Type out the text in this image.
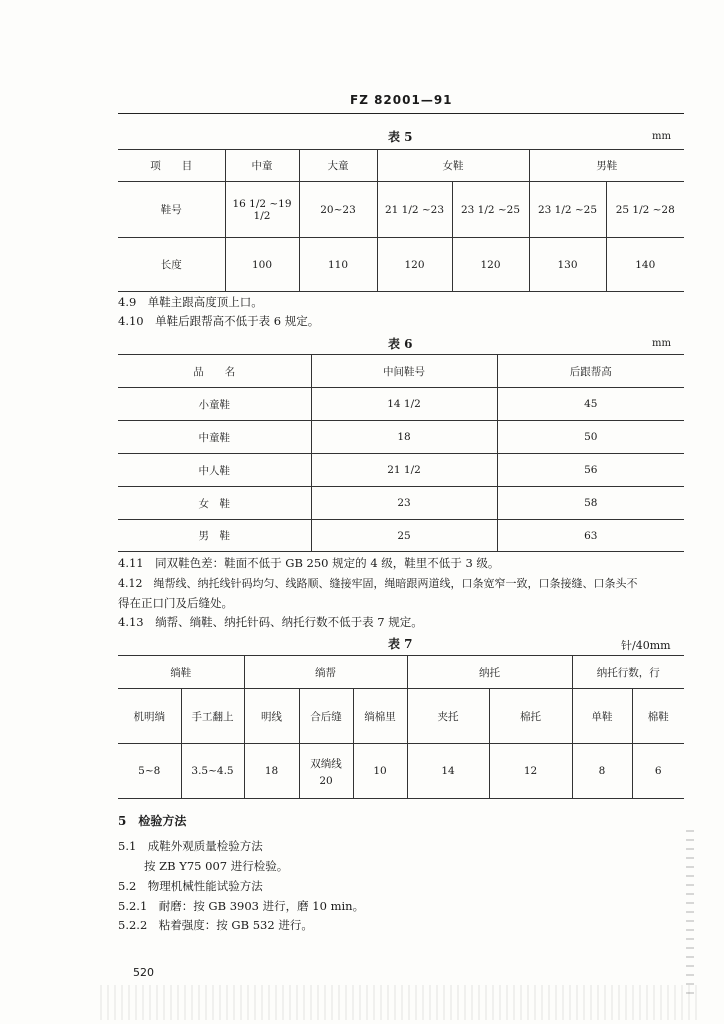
FZ 82001—91
表 5	mm
项　　目	中童	大童	女鞋		男鞋	
鞋号	16 1/2 ~19 1/2	20~23	21 1/2 ~23	23 1/2 ~25	23 1/2 ~25	25 1/2 ~28
长度	100	110	120	120	130	140
4.9　单鞋主跟高度顶上口。
4.10　单鞋后跟帮高不低于表 6 规定。
表 6	mm
品　　名	中间鞋号	后跟帮高
小童鞋	14 1/2	45
中童鞋	18	50
中人鞋	21 1/2	56
女　鞋	23	58
男　鞋	25	63
4.11　同双鞋色差：鞋面不低于 GB 250 规定的 4 级，鞋里不低于 3 级。
4.12　绳帮线、纳托线针码均匀、线路顺、缝接牢固，绳暗跟两道线，口条宽窄一致，口条接缝、口条头不
得在正口门及后缝处。
4.13　绱帮、绱鞋、纳托针码、纳托行数不低于表 7 规定。
表 7	针/40mm
绱鞋		绱帮			纳托		纳托行数，行	
机明绱	手工翻上	明线	合后缝	绱棉里	夹托	棉托	单鞋	棉鞋
5~8	3.5~4.5	18	双绱线
20	10	14	12	8	6
5　检验方法
5.1　成鞋外观质量检验方法
按 ZB Y75 007 进行检验。
5.2　物理机械性能试验方法
5.2.1　耐磨：按 GB 3903 进行，磨 10 min。
5.2.2　粘着强度：按 GB 532 进行。
520
